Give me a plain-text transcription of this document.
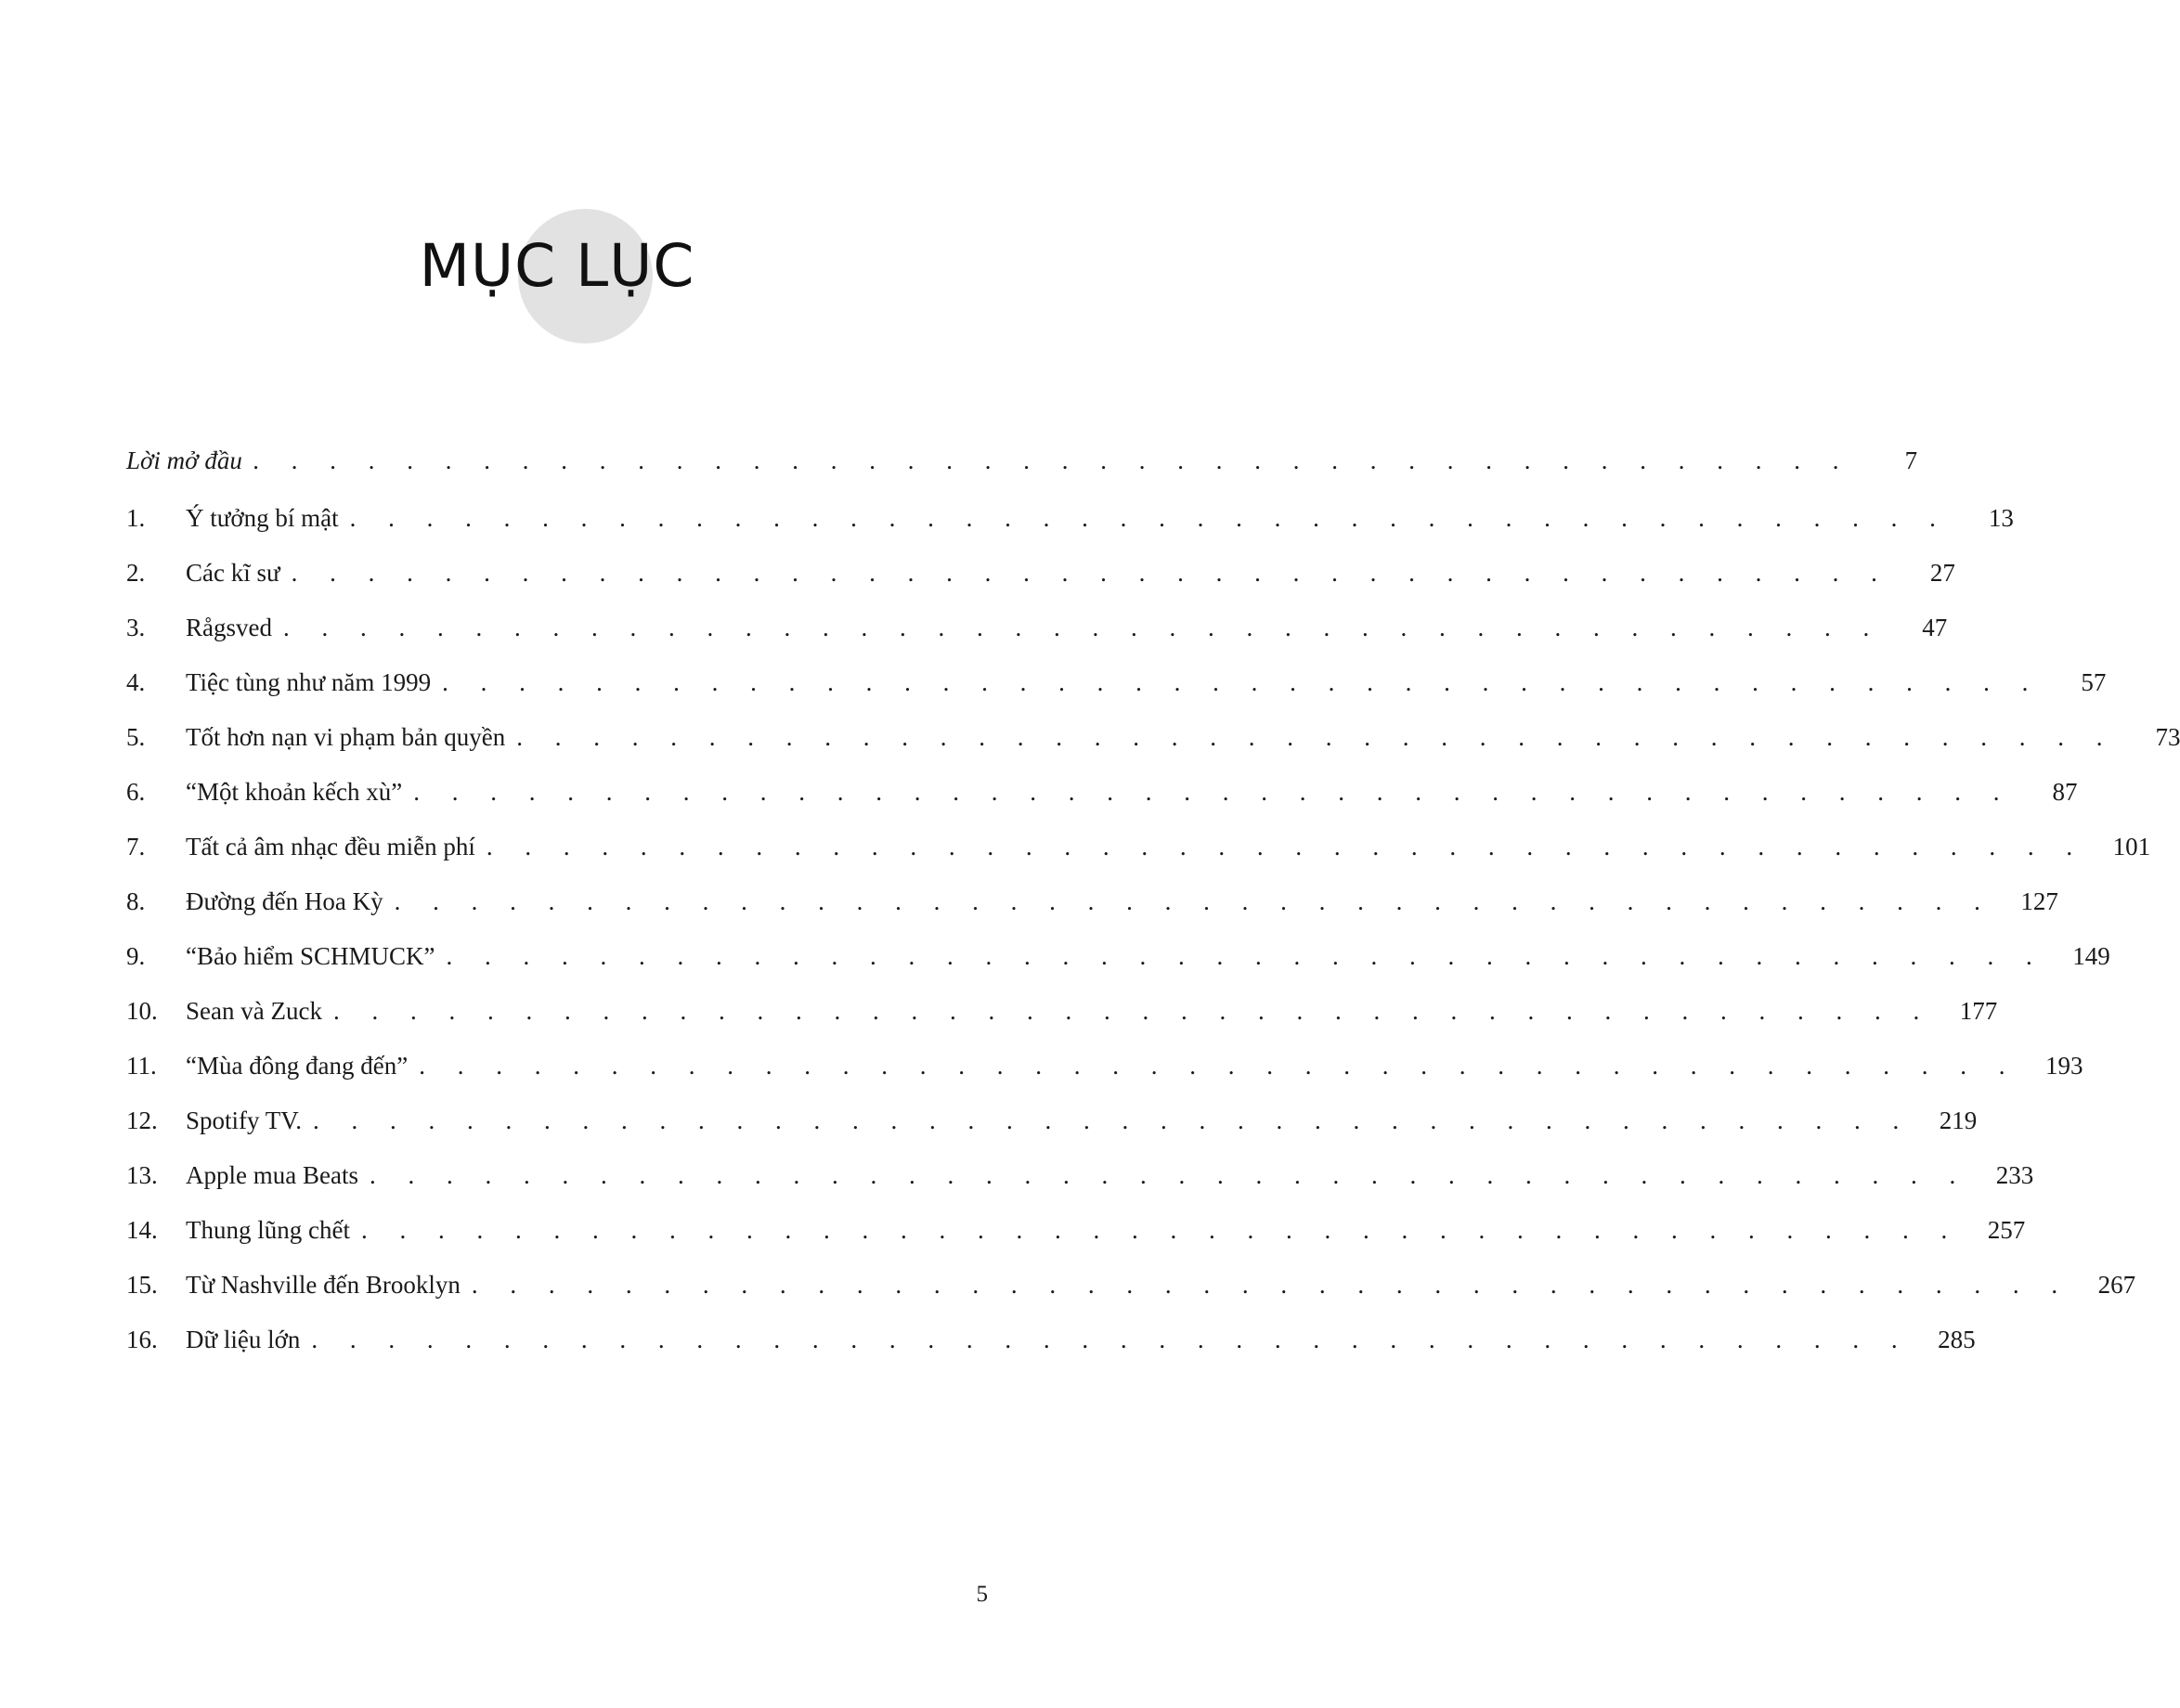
MỤC LỤC
Lời mở đầu . . . . . . . . . . . . . . . . . . . . . . . . . . . . . . . . . . . . . . . . . .	7
1.	Ý tưởng bí mật . . . . . . . . . . . . . . . . . . . . . . . . . . . . . . . . . . . . . . . . . .	13
2.	Các kĩ sư . . . . . . . . . . . . . . . . . . . . . . . . . . . . . . . . . . . . . . . . . .	27
3.	Rågsved . . . . . . . . . . . . . . . . . . . . . . . . . . . . . . . . . . . . . . . . . .	47
4.	Tiệc tùng như năm 1999 . . . . . . . . . . . . . . . . . . . . . . . . . . . . . . . . . . . . . . . . . .	57
5.	Tốt hơn nạn vi phạm bản quyền . . . . . . . . . . . . . . . . . . . . . . . . . . . . . . . . . . . . . . . . . .	73
6.	“Một khoản kếch xù” . . . . . . . . . . . . . . . . . . . . . . . . . . . . . . . . . . . . . . . . . .	87
7.	Tất cả âm nhạc đều miễn phí . . . . . . . . . . . . . . . . . . . . . . . . . . . . . . . . . . . . . . . . . .	101
8.	Đường đến Hoa Kỳ . . . . . . . . . . . . . . . . . . . . . . . . . . . . . . . . . . . . . . . . . .	127
9.	“Bảo hiểm SCHMUCK” . . . . . . . . . . . . . . . . . . . . . . . . . . . . . . . . . . . . . . . . . .	149
10.	Sean và Zuck . . . . . . . . . . . . . . . . . . . . . . . . . . . . . . . . . . . . . . . . . .	177
11.	“Mùa đông đang đến” . . . . . . . . . . . . . . . . . . . . . . . . . . . . . . . . . . . . . . . . . .	193
12.	Spotify TV. . . . . . . . . . . . . . . . . . . . . . . . . . . . . . . . . . . . . . . . . . .	219
13.	Apple mua Beats . . . . . . . . . . . . . . . . . . . . . . . . . . . . . . . . . . . . . . . . . .	233
14.	Thung lũng chết . . . . . . . . . . . . . . . . . . . . . . . . . . . . . . . . . . . . . . . . . .	257
15.	Từ Nashville đến Brooklyn . . . . . . . . . . . . . . . . . . . . . . . . . . . . . . . . . . . . . . . . . .	267
16.	Dữ liệu lớn . . . . . . . . . . . . . . . . . . . . . . . . . . . . . . . . . . . . . . . . . .	285
5
